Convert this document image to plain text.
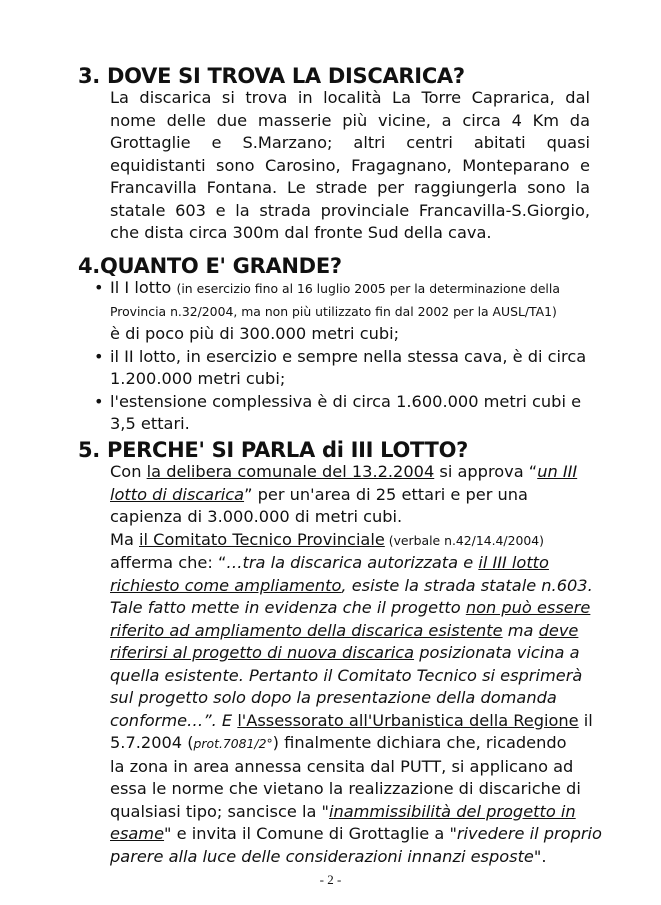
3. DOVE SI TROVA LA DISCARICA?
La discarica si trova in località La Torre Caprarica, dal
nome delle due masserie più vicine, a circa 4 Km da
Grottaglie e S.Marzano; altri centri abitati quasi
equidistanti sono Carosino, Fragagnano, Monteparano e
Francavilla Fontana. Le strade per raggiungerla sono la
statale 603 e la strada provinciale Francavilla-S.Giorgio,
che dista circa 300m dal fronte Sud della cava.
4.QUANTO E' GRANDE?
• Il I lotto (in esercizio fino al 16 luglio 2005 per la determinazione della
Provincia n.32/2004, ma non più utilizzato fin dal 2002 per la AUSL/TA1)
è di poco più di 300.000 metri cubi;
• il II lotto, in esercizio e sempre nella stessa cava, è di circa
1.200.000 metri cubi;
• l'estensione complessiva è di circa 1.600.000 metri cubi e
3,5 ettari.
5. PERCHE' SI PARLA di III LOTTO?
Con la delibera comunale del 13.2.2004 si approva “un III
lotto di discarica” per un'area di 25 ettari e per una
capienza di 3.000.000 di metri cubi.
Ma il Comitato Tecnico Provinciale (verbale n.42/14.4/2004)
afferma che: “…tra la discarica autorizzata e il III lotto
richiesto come ampliamento, esiste la strada statale n.603.
Tale fatto mette in evidenza che il progetto non può essere
riferito ad ampliamento della discarica esistente ma deve
riferirsi al progetto di nuova discarica posizionata vicina a
quella esistente. Pertanto il Comitato Tecnico si esprimerà
sul progetto solo dopo la presentazione della domanda
conforme…”. E l'Assessorato all'Urbanistica della Regione il
5.7.2004 (prot.7081/2°) finalmente dichiara che, ricadendo
la zona in area annessa censita dal PUTT, si applicano ad
essa le norme che vietano la realizzazione di discariche di
qualsiasi tipo; sancisce la "inammissibilità del progetto in
esame" e invita il Comune di Grottaglie a "rivedere il proprio
parere alla luce delle considerazioni innanzi esposte".
- 2 -
